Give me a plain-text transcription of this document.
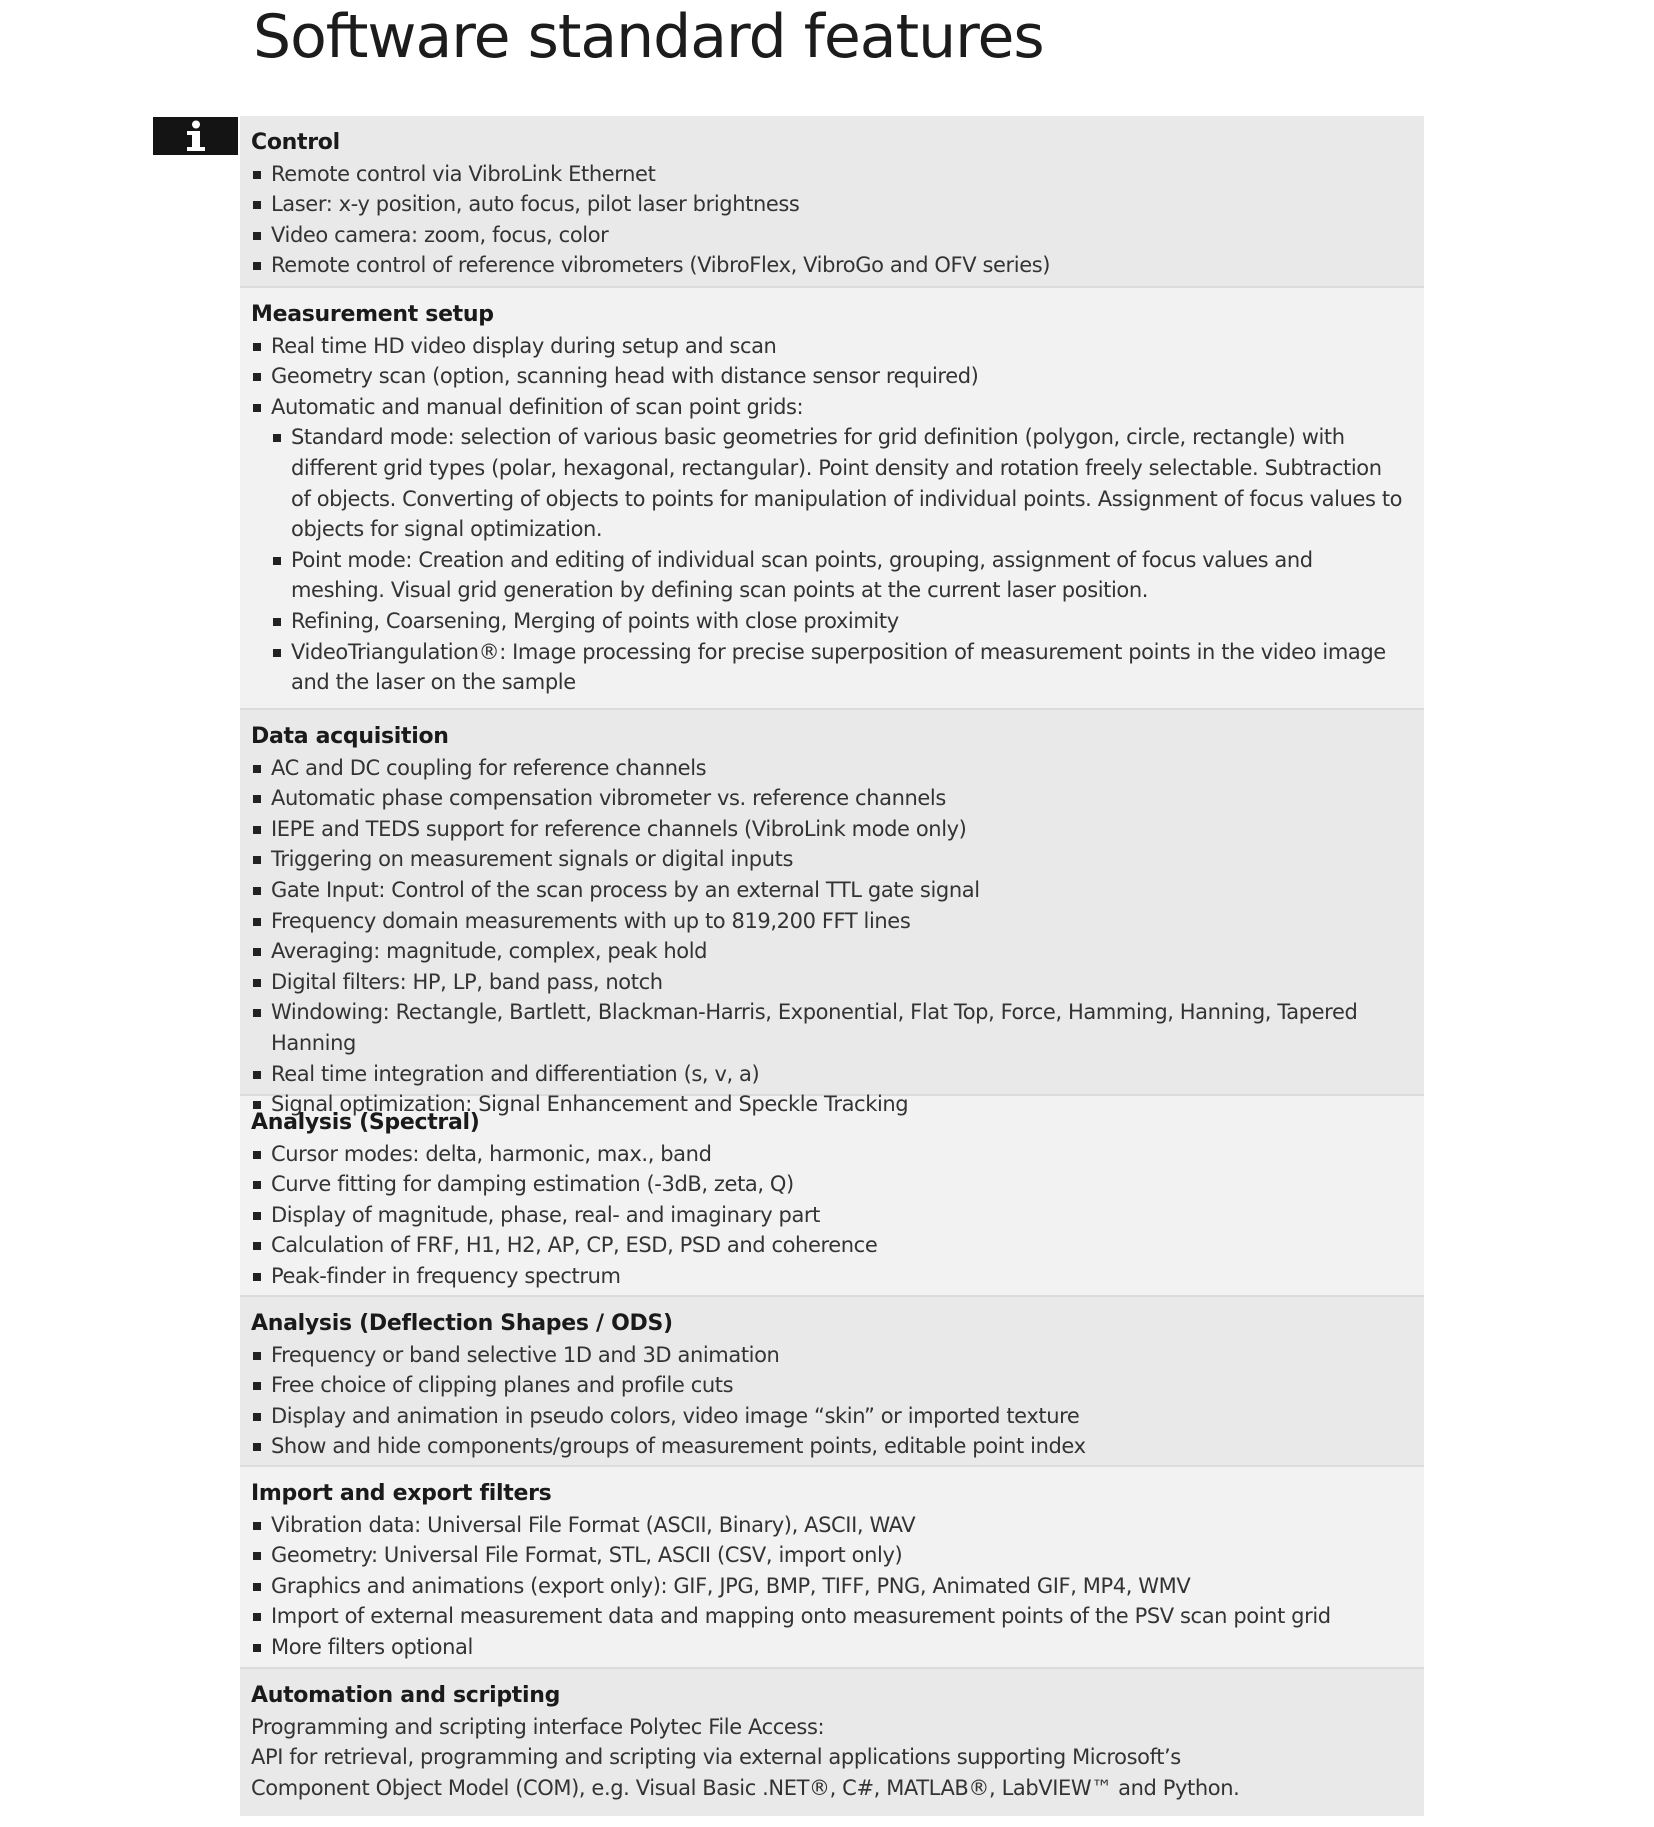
Software standard features
Control
Remote control via VibroLink Ethernet
Laser: x-y position, auto focus, pilot laser brightness
Video camera: zoom, focus, color
Remote control of reference vibrometers (VibroFlex, VibroGo and OFV series)
Measurement setup
Real time HD video display during setup and scan
Geometry scan (option, scanning head with distance sensor required)
Automatic and manual definition of scan point grids:
Standard mode: selection of various basic geometries for grid definition (polygon, circle, rectangle) with different grid types (polar, hexagonal, rectangular). Point density and rotation freely selectable. Subtraction of objects. Converting of objects to points for manipulation of individual points. Assignment of focus values to objects for signal optimization.
Point mode: Creation and editing of individual scan points, grouping, assignment of focus values and meshing. Visual grid generation by defining scan points at the current laser position.
Refining, Coarsening, Merging of points with close proximity
VideoTriangulation®: Image processing for precise superposition of measurement points in the video image and the laser on the sample
Data acquisition
AC and DC coupling for reference channels
Automatic phase compensation vibrometer vs. reference channels
IEPE and TEDS support for reference channels (VibroLink mode only)
Triggering on measurement signals or digital inputs
Gate Input: Control of the scan process by an external TTL gate signal
Frequency domain measurements with up to 819,200 FFT lines
Averaging: magnitude, complex, peak hold
Digital filters: HP, LP, band pass, notch
Windowing: Rectangle, Bartlett, Blackman-Harris, Exponential, Flat Top, Force, Hamming, Hanning, Tapered Hanning
Real time integration and differentiation (s, v, a)
Signal optimization: Signal Enhancement and Speckle Tracking
Analysis (Spectral)
Cursor modes: delta, harmonic, max., band
Curve fitting for damping estimation (-3dB, zeta, Q)
Display of magnitude, phase, real- and imaginary part
Calculation of FRF, H1, H2, AP, CP, ESD, PSD and coherence
Peak-finder in frequency spectrum
Analysis (Deflection Shapes / ODS)
Frequency or band selective 1D and 3D animation
Free choice of clipping planes and profile cuts
Display and animation in pseudo colors, video image “skin” or imported texture
Show and hide components/groups of measurement points, editable point index
Import and export filters
Vibration data: Universal File Format (ASCII, Binary), ASCII, WAV
Geometry: Universal File Format, STL, ASCII (CSV, import only)
Graphics and animations (export only): GIF, JPG, BMP, TIFF, PNG, Animated GIF, MP4, WMV
Import of external measurement data and mapping onto measurement points of the PSV scan point grid
More filters optional
Automation and scripting
Programming and scripting interface Polytec File Access:
API for retrieval, programming and scripting via external applications supporting Microsoft’s
Component Object Model (COM), e.g. Visual Basic .NET®, C#, MATLAB®, LabVIEW™ and Python.
